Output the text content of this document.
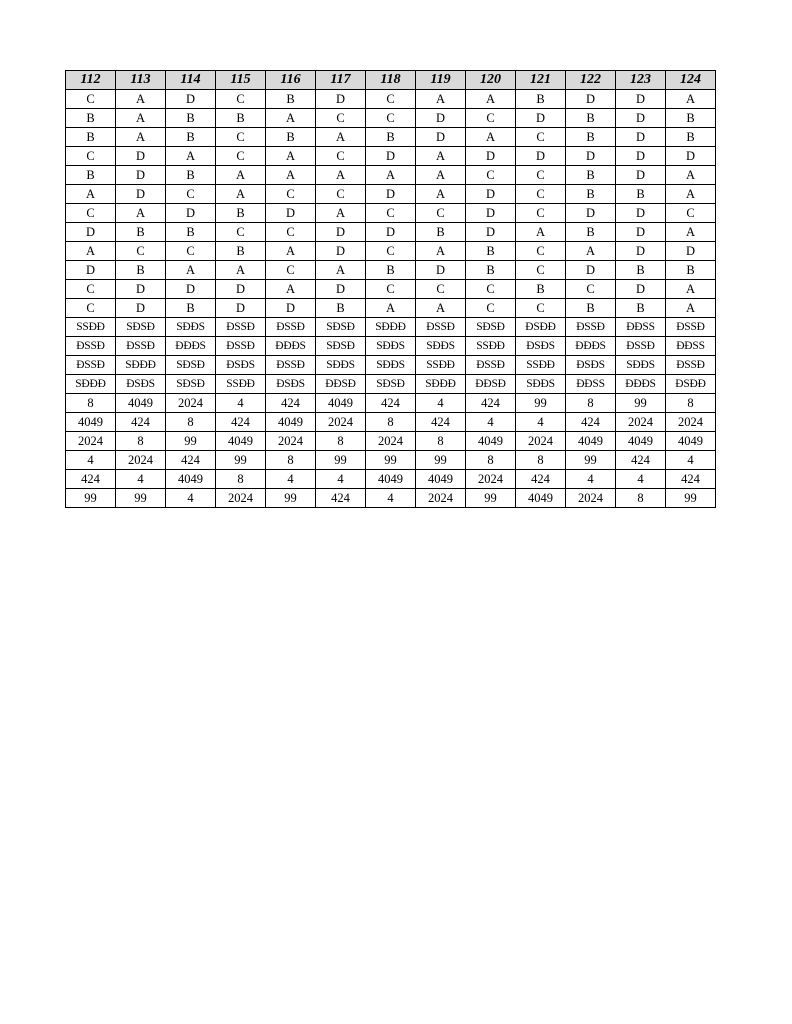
112	113	114	115	116	117	118	119	120	121	122	123	124
C	A	D	C	B	D	C	A	A	B	D	D	A
B	A	B	B	A	C	C	D	C	D	B	D	B
B	A	B	C	B	A	B	D	A	C	B	D	B
C	D	A	C	A	C	D	A	D	D	D	D	D
B	D	B	A	A	A	A	A	C	C	B	D	A
A	D	C	A	C	C	D	A	D	C	B	B	A
C	A	D	B	D	A	C	C	D	C	D	D	C
D	B	B	C	C	D	D	B	D	A	B	D	A
A	C	C	B	A	D	C	A	B	C	A	D	D
D	B	A	A	C	A	B	D	B	C	D	B	B
C	D	D	D	A	D	C	C	C	B	C	D	A
C	D	B	D	D	B	A	A	C	C	B	B	A
SSĐĐ	SĐSĐ	SĐĐS	ĐSSĐ	ĐSSĐ	SĐSĐ	SĐĐĐ	ĐSSĐ	SĐSĐ	ĐSĐĐ	ĐSSĐ	ĐĐSS	ĐSSĐ
ĐSSĐ	ĐSSĐ	ĐĐĐS	ĐSSĐ	ĐĐĐS	SĐSĐ	SĐĐS	SĐĐS	SSĐĐ	ĐSĐS	ĐĐĐS	ĐSSĐ	ĐĐSS
ĐSSĐ	SĐĐĐ	SĐSĐ	ĐSĐS	ĐSSĐ	SĐĐS	SĐĐS	SSĐĐ	ĐSSĐ	SSĐĐ	ĐSĐS	SĐĐS	ĐSSĐ
SĐĐĐ	ĐSĐS	SĐSĐ	SSĐĐ	ĐSĐS	ĐĐSĐ	SĐSĐ	SĐĐĐ	ĐĐSĐ	SĐĐS	ĐĐSS	ĐĐĐS	ĐSĐĐ
8	4049	2024	4	424	4049	424	4	424	99	8	99	8
4049	424	8	424	4049	2024	8	424	4	4	424	2024	2024
2024	8	99	4049	2024	8	2024	8	4049	2024	4049	4049	4049
4	2024	424	99	8	99	99	99	8	8	99	424	4
424	4	4049	8	4	4	4049	4049	2024	424	4	4	424
99	99	4	2024	99	424	4	2024	99	4049	2024	8	99
